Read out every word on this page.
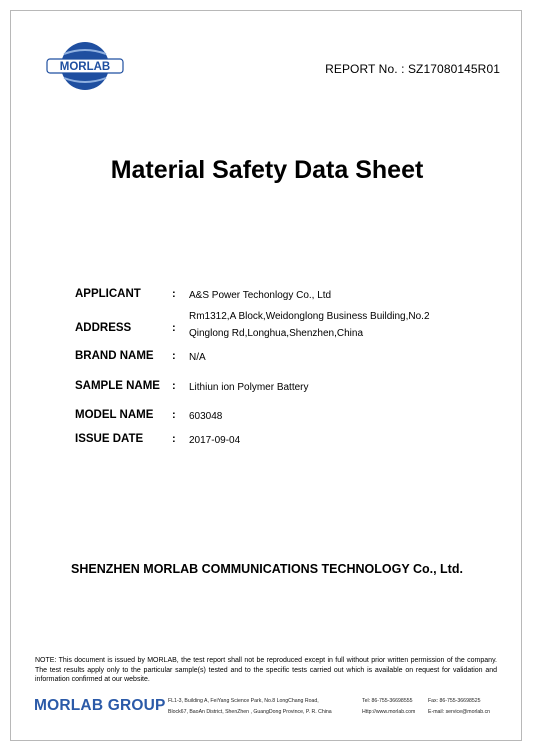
MORLAB	REPORT No. : SZ17080145R01
Material Safety Data Sheet
APPLICANT	: A&S Power Techonlogy Co., Ltd
ADDRESS	:
Rm1312,A Block,Weidonglong Business Building,No.2
Qinglong Rd,Longhua,Shenzhen,China
BRAND NAME : N/A
SAMPLE NAME : Lithiun ion Polymer Battery
MODEL NAME : 603048
ISSUE DATE	: 2017-09-04
SHENZHEN MORLAB COMMUNICATIONS TECHNOLOGY Co., Ltd.
NOTE: This document is issued by MORLAB, the test report shall not be reproduced except in full without prior written permission of the company. The test results apply only to the particular sample(s) tested and to the specific tests carried out which is available on request for validation and information confirmed at our website.
MORLAB GROUP FL1-3, Building A, FeiYang Science Park, No.8 LongChang Road,
Block67, BaoAn District, ShenZhen , GuangDong Province, P. R. China
Tel: 86-755-36698555
Http://www.morlab.com
Fax: 86-755-36698525
E-mail: service@morlab.cn
